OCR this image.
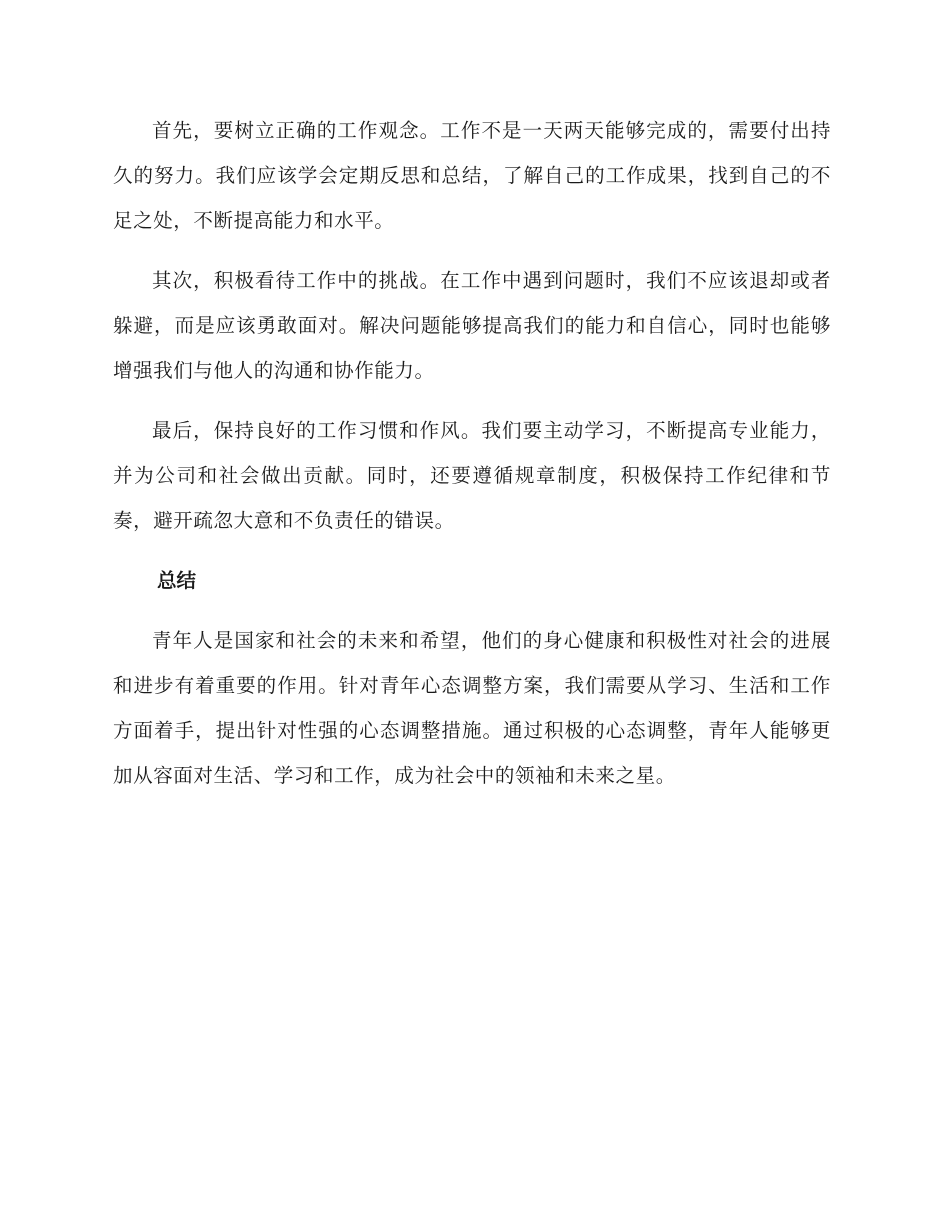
首先，要树立正确的工作观念。工作不是一天两天能够完成的，需要付出持久的努力。我们应该学会定期反思和总结，了解自己的工作成果，找到自己的不足之处，不断提高能力和水平。

其次，积极看待工作中的挑战。在工作中遇到问题时，我们不应该退却或者躲避，而是应该勇敢面对。解决问题能够提高我们的能力和自信心，同时也能够增强我们与他人的沟通和协作能力。

最后，保持良好的工作习惯和作风。我们要主动学习，不断提高专业能力，并为公司和社会做出贡献。同时，还要遵循规章制度，积极保持工作纪律和节奏，避开疏忽大意和不负责任的错误。

总结

青年人是国家和社会的未来和希望，他们的身心健康和积极性对社会的进展和进步有着重要的作用。针对青年心态调整方案，我们需要从学习、生活和工作方面着手，提出针对性强的心态调整措施。通过积极的心态调整，青年人能够更加从容面对生活、学习和工作，成为社会中的领袖和未来之星。
